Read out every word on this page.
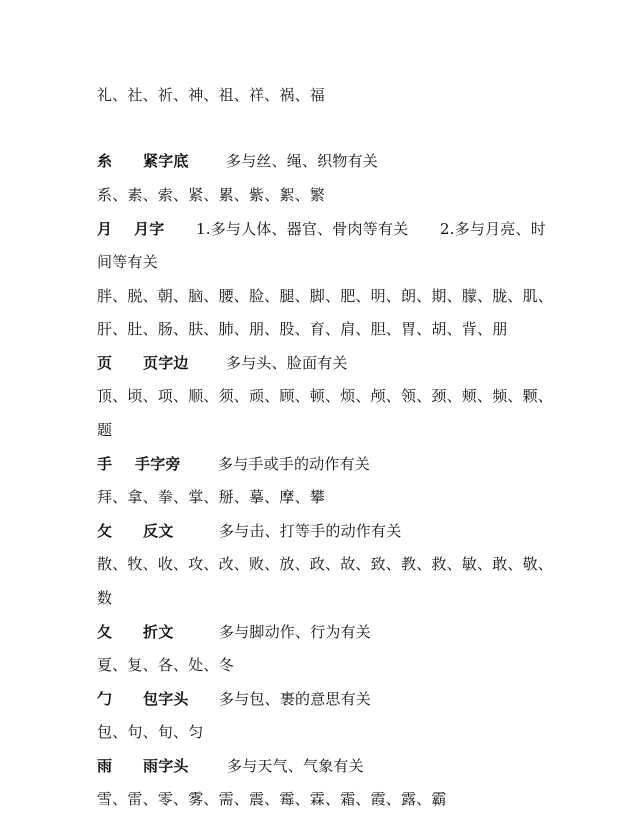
礼、社、祈、神、祖、祥、祸、福
糸 紧字底 多与丝、绳、织物有关
系、素、索、紧、累、紫、絮、繁
月 月字 1.多与人体、器官、骨肉等有关 2.多与月亮、时
间等有关
胖、脱、朝、脑、腰、脸、腿、脚、肥、明、朗、期、朦、胧、肌、
肝、肚、肠、肤、肺、朋、股、育、肩、胆、胃、胡、背、朋
页 页字边 多与头、脸面有关
顶、顷、项、顺、须、顽、顾、顿、烦、颅、领、颈、颊、频、颗、
题
手 手字旁 多与手或手的动作有关
拜、拿、拳、掌、掰、摹、摩、攀
攵 反文	多与击、打等手的动作有关
散、牧、收、攻、改、败、放、政、故、致、教、救、敏、敢、敬、
数
夂 折文	多与脚动作、行为有关
夏、复、各、处、冬
勹 包字头 多与包、裹的意思有关
包、句、旬、匀
雨 雨字头	多与天气、气象有关
雪、雷、零、雾、需、震、霉、霖、霜、霞、露、霸
